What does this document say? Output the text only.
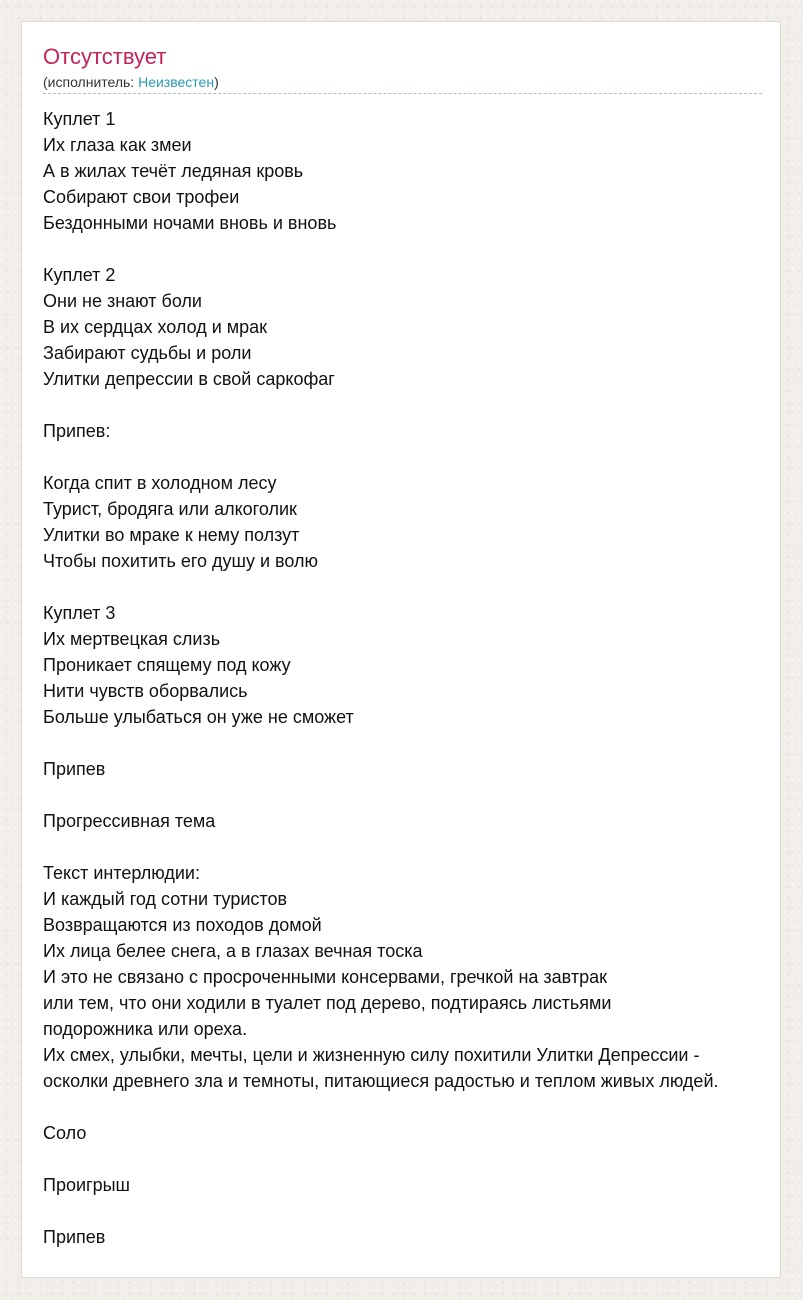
Отсутствует
(исполнитель: Неизвестен)
Куплет 1
Их глаза как змеи
А в жилах течёт ледяная кровь
Собирают свои трофеи
Бездонными ночами вновь и вновь
Куплет 2
Они не знают боли
В их сердцах холод и мрак
Забирают судьбы и роли
Улитки депрессии в свой саркофаг
Припев:
Когда спит в холодном лесу
Турист, бродяга или алкоголик
Улитки во мраке к нему ползут
Чтобы похитить его душу и волю
Куплет 3
Их мертвецкая слизь
Проникает спящему под кожу
Нити чувств оборвались
Больше улыбаться он уже не сможет
Припев
Прогрессивная тема
Текст интерлюдии:
И каждый год сотни туристов
Возвращаются из походов домой
Их лица белее снега, а в глазах вечная тоска
И это не связано с просроченными консервами, гречкой на завтрак
или тем, что они ходили в туалет под дерево, подтираясь листьями
подорожника или ореха.
Их смех, улыбки, мечты, цели и жизненную силу похитили Улитки Депрессии -
осколки древнего зла и темноты, питающиеся радостью и теплом живых людей.
Соло
Проигрыш
Припев
